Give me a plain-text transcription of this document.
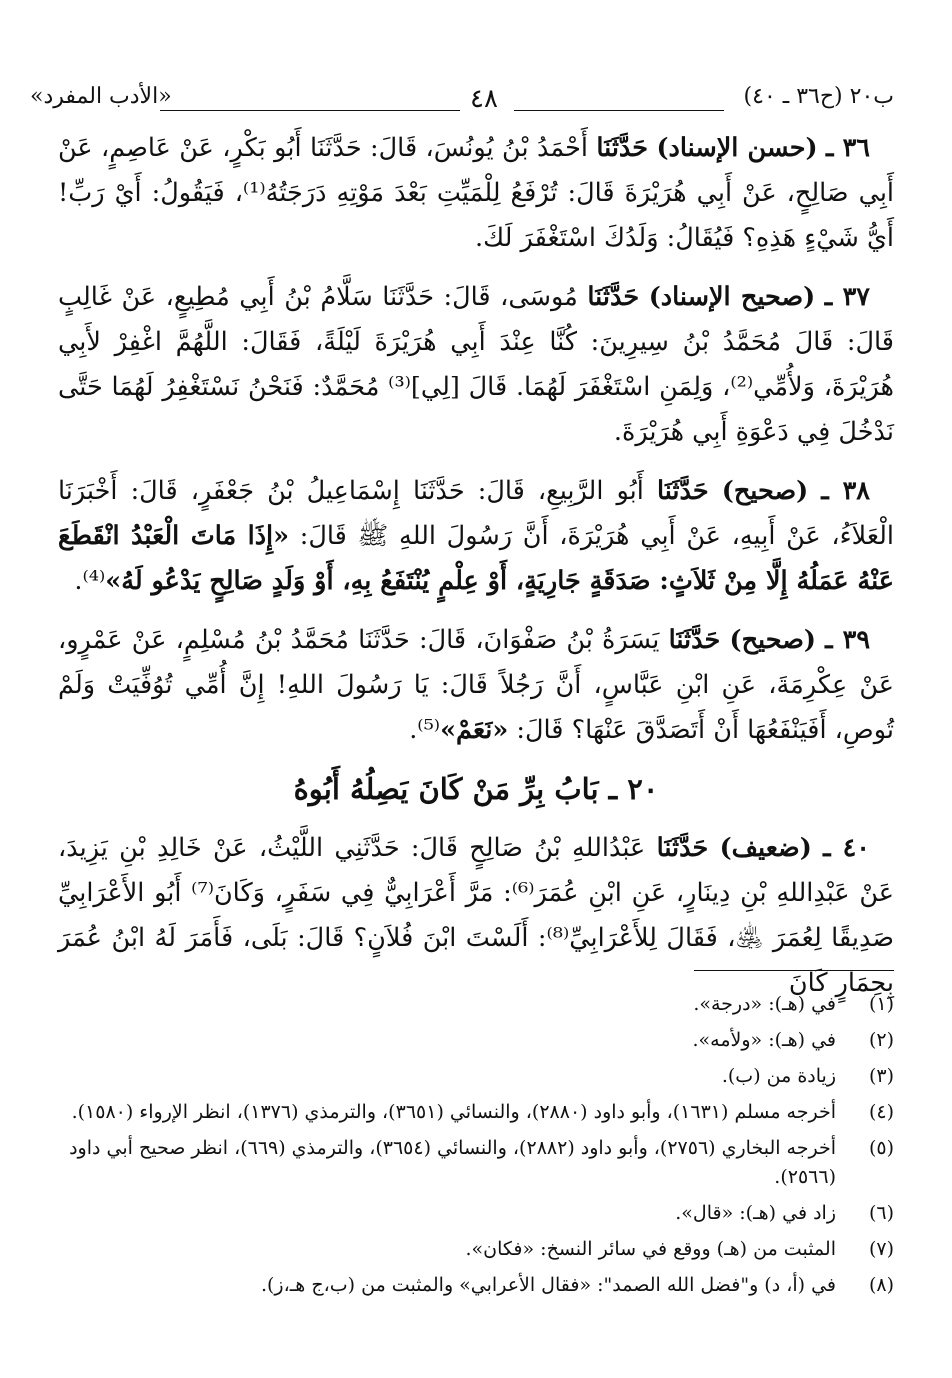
ب٢٠ (ح٣٦ ـ ٤٠)
٤٨
«الأدب المفرد»

٣٦ ـ (حسن الإسناد) حَدَّثَنَا أَحْمَدُ بْنُ يُونُسَ، قَالَ: حَدَّثَنَا أَبُو بَكْرٍ، عَنْ عَاصِمٍ، عَنْ أَبِي صَالِحٍ، عَنْ أَبِي هُرَيْرَةَ قَالَ: تُرْفَعُ لِلْمَيِّتِ بَعْدَ مَوْتِهِ دَرَجَتُهُ⁽¹⁾، فَيَقُولُ: أَيْ رَبِّ! أَيُّ شَيْءٍ هَذِهِ؟ فَيُقَالُ: وَلَدُكَ اسْتَغْفَرَ لَكَ.

٣٧ ـ (صحيح الإسناد) حَدَّثَنَا مُوسَى، قَالَ: حَدَّثَنَا سَلَّامُ بْنُ أَبِي مُطِيعٍ، عَنْ غَالِبٍ قَالَ: قَالَ مُحَمَّدُ بْنُ سِيرِينَ: كُنَّا عِنْدَ أَبِي هُرَيْرَةَ لَيْلَةً، فَقَالَ: اللَّهُمَّ اغْفِرْ لأَبِي هُرَيْرَةَ، وَلأُمِّي⁽²⁾، وَلِمَنِ اسْتَغْفَرَ لَهُمَا. قَالَ [لِي]⁽³⁾ مُحَمَّدٌ: فَنَحْنُ نَسْتَغْفِرُ لَهُمَا حَتَّى نَدْخُلَ فِي دَعْوَةِ أَبِي هُرَيْرَةَ.

٣٨ ـ (صحيح) حَدَّثَنَا أَبُو الرَّبِيعِ، قَالَ: حَدَّثَنَا إِسْمَاعِيلُ بْنُ جَعْفَرٍ، قَالَ: أَخْبَرَنَا الْعَلاَءُ، عَنْ أَبِيهِ، عَنْ أَبِي هُرَيْرَةَ، أَنَّ رَسُولَ اللهِ ﷺ قَالَ: «إِذَا مَاتَ الْعَبْدُ انْقَطَعَ عَنْهُ عَمَلُهُ إِلَّا مِنْ ثَلاَثٍ: صَدَقَةٍ جَارِيَةٍ، أَوْ عِلْمٍ يُنْتَفَعُ بِهِ، أَوْ وَلَدٍ صَالِحٍ يَدْعُو لَهُ»⁽⁴⁾.

٣٩ ـ (صحيح) حَدَّثَنَا يَسَرَةُ بْنُ صَفْوَانَ، قَالَ: حَدَّثَنَا مُحَمَّدُ بْنُ مُسْلِمٍ، عَنْ عَمْرٍو، عَنْ عِكْرِمَةَ، عَنِ ابْنِ عَبَّاسٍ، أَنَّ رَجُلاً قَالَ: يَا رَسُولَ اللهِ! إِنَّ أُمِّي تُوُفِّيَتْ وَلَمْ تُوصِ، أَفَيَنْفَعُهَا أَنْ أَتَصَدَّقَ عَنْهَا؟ قَالَ: «نَعَمْ»⁽⁵⁾.

٢٠ ـ بَابُ بِرِّ مَنْ كَانَ يَصِلُهُ أَبُوهُ

٤٠ ـ (ضعيف) حَدَّثَنَا عَبْدُاللهِ بْنُ صَالِحٍ قَالَ: حَدَّثَنِي اللَّيْثُ، عَنْ خَالِدِ بْنِ يَزِيدَ، عَنْ عَبْدِاللهِ بْنِ دِينَارٍ، عَنِ ابْنِ عُمَرَ⁽⁶⁾: مَرَّ أَعْرَابِيٌّ فِي سَفَرٍ، وَكَانَ⁽⁷⁾ أَبُو الأَعْرَابِيِّ صَدِيقًا لِعُمَرَ ﵁، فَقَالَ لِلأَعْرَابِيِّ⁽⁸⁾: أَلَسْتَ ابْنَ فُلاَنٍ؟ قَالَ: بَلَى، فَأَمَرَ لَهُ ابْنُ عُمَرَ بِحِمَارٍ كَانَ

(١)
في (هـ): «درجة».
(٢)
في (هـ): «ولأمه».
(٣)
زيادة من (ب).
(٤)
أخرجه مسلم (١٦٣١)، وأبو داود (٢٨٨٠)، والنسائي (٣٦٥١)، والترمذي (١٣٧٦)، انظر الإرواء (١٥٨٠).
(٥)
أخرجه البخاري (٢٧٥٦)، وأبو داود (٢٨٨٢)، والنسائي (٣٦٥٤)، والترمذي (٦٦٩)، انظر صحيح أبي داود (٢٥٦٦).
(٦)
زاد في (هـ): «قال».
(٧)
المثبت من (هـ) ووقع في سائر النسخ: «فكان».
(٨)
في (أ، د) و"فضل الله الصمد": «فقال الأعرابي» والمثبت من (ب،ج هـ،ز).
